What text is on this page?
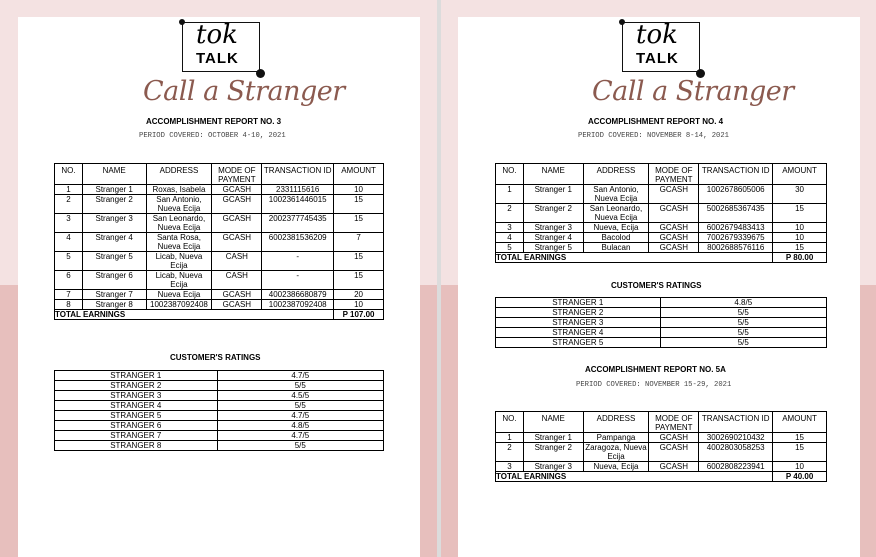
tok
TALK
Call a Stranger
ACCOMPLISHMENT REPORT NO. 3
PERIOD COVERED: OCTOBER 4-10, 2021
NO.	NAME	ADDRESS	MODE OF PAYMENT	TRANSACTION ID	AMOUNT
1	Stranger 1	Roxas, Isabela	GCASH	2331115616	10
2	Stranger 2	San Antonio, Nueva Ecija	GCASH	1002361446015	15
3	Stranger 3	San Leonardo, Nueva Ecija	GCASH	2002377745435	15
4	Stranger 4	Santa Rosa, Nueva Ecija	GCASH	6002381536209	7
5	Stranger 5	Licab, Nueva Ecija	CASH	-	15
6	Stranger 6	Licab, Nueva Ecija	CASH	-	15
7	Stranger 7	Nueva Ecija	GCASH	4002386680879	20
8	Stranger 8	1002387092408	GCASH	1002387092408	10
TOTAL EARNINGS					P 107.00
CUSTOMER'S RATINGS
STRANGER 1	4.7/5
STRANGER 2	5/5
STRANGER 3	4.5/5
STRANGER 4	5/5
STRANGER 5	4.7/5
STRANGER 6	4.8/5
STRANGER 7	4.7/5
STRANGER 8	5/5
tok
TALK
Call a Stranger
ACCOMPLISHMENT REPORT NO. 4
PERIOD COVERED: NOVEMBER 8-14, 2021
NO.	NAME	ADDRESS	MODE OF PAYMENT	TRANSACTION ID	AMOUNT
1	Stranger 1	San Antonio, Nueva Ecija	GCASH	1002678605006	30
2	Stranger 2	San Leonardo, Nueva Ecija	GCASH	5002685367435	15
3	Stranger 3	Nueva, Ecija	GCASH	6002679483413	10
4	Stranger 4	Bacolod	GCASH	7002679339675	10
5	Stranger 5	Bulacan	GCASH	8002688576116	15
TOTAL EARNINGS					P 80.00
CUSTOMER'S RATINGS
STRANGER 1	4.8/5
STRANGER 2	5/5
STRANGER 3	5/5
STRANGER 4	5/5
STRANGER 5	5/5
ACCOMPLISHMENT REPORT NO. 5A
PERIOD COVERED: NOVEMBER 15-29, 2021
NO.	NAME	ADDRESS	MODE OF PAYMENT	TRANSACTION ID	AMOUNT
1	Stranger 1	Pampanga	GCASH	3002690210432	15
2	Stranger 2	Zaragoza, Nueva Ecija	GCASH	4002803058253	15
3	Stranger 3	Nueva, Ecija	GCASH	6002808223941	10
TOTAL EARNINGS					P 40.00
